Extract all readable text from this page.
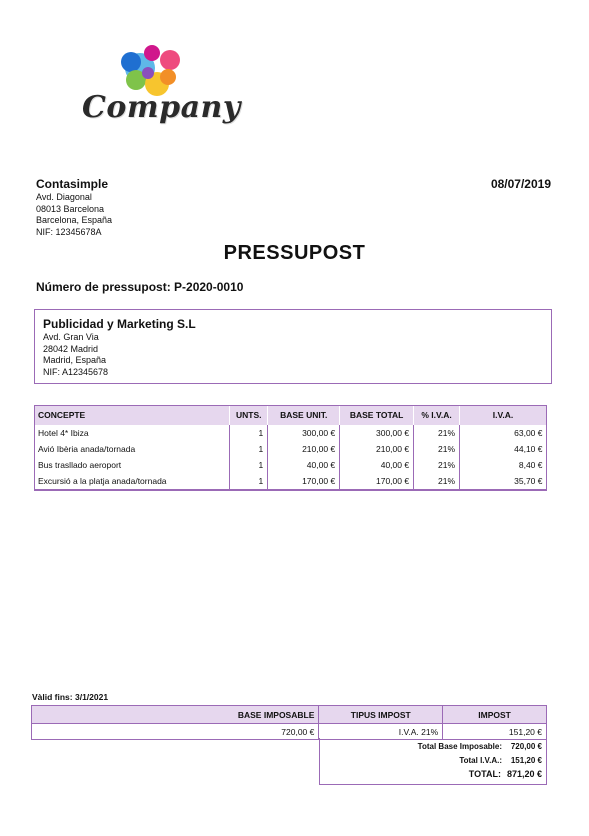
Company
Contasimple
Avd. Diagonal
08013 Barcelona
Barcelona, España
NIF: 12345678A
08/07/2019
PRESSUPOST
Número de pressupost: P-2020-0010
Publicidad y Marketing S.L
Avd. Gran Via
28042 Madrid
Madrid, España
NIF: A12345678
CONCEPTE	UNTS.	BASE UNIT.	BASE TOTAL	% I.V.A.	I.V.A.
Hotel 4* Ibiza	1	300,00 €	300,00 €	21%	63,00 €
Avió Ibèria anada/tornada	1	210,00 €	210,00 €	21%	44,10 €
Bus trasllado aeroport	1	40,00 €	40,00 €	21%	8,40 €
Excursió a la platja anada/tornada	1	170,00 €	170,00 €	21%	35,70 €
Vàlid fins: 3/1/2021
BASE IMPOSABLE	TIPUS IMPOST	IMPOST
720,00 €	I.V.A. 21%	151,20 €
Total Base Imposable:	720,00 €
Total I.V.A.:	151,20 €
TOTAL: 871,20 €
